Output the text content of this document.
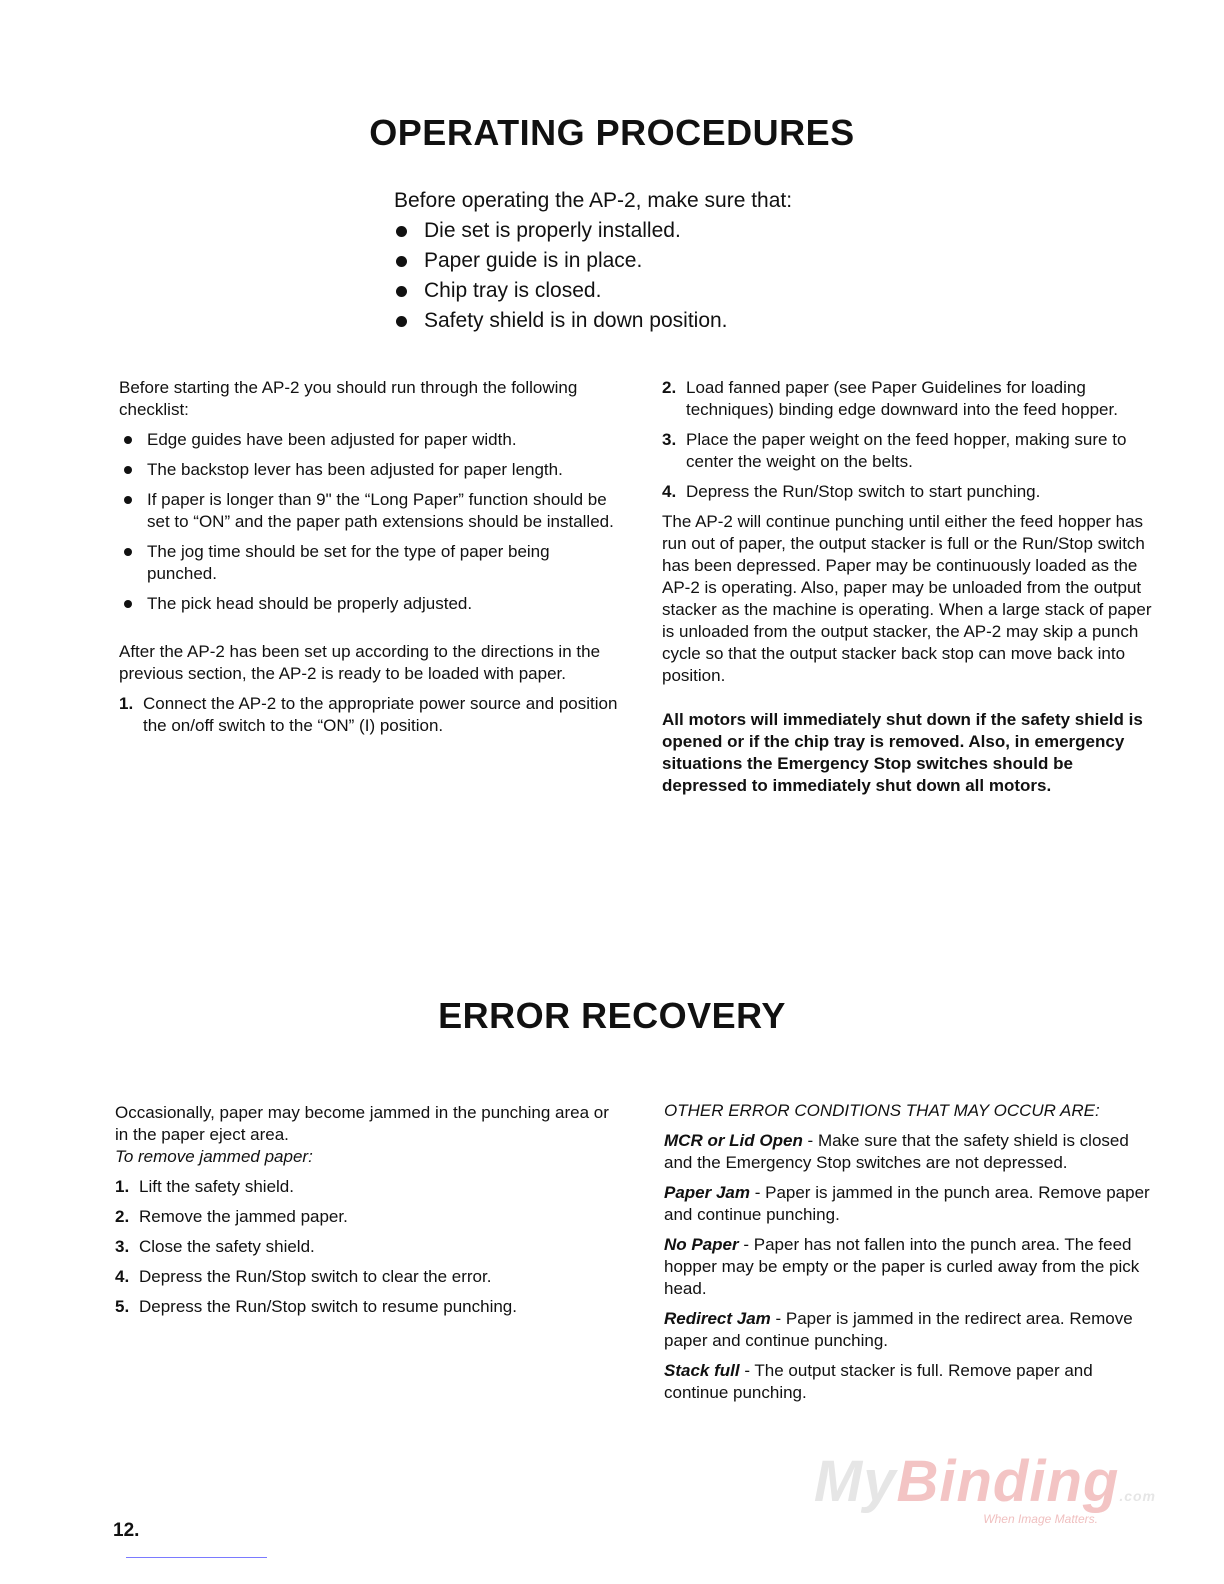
OPERATING PROCEDURES
Before operating the AP-2, make sure that:
Die set is properly installed.
Paper guide is in place.
Chip tray is closed.
Safety shield is in down position.

Before starting the AP-2 you should run through the following checklist:

Edge guides have been adjusted for paper width.
The backstop lever has been adjusted for paper length.
If paper is longer than 9" the “Long Paper” function should be set to “ON” and the paper path extensions should be installed.
The jog time should be set for the type of paper being punched.
The pick head should be properly adjusted.

After the AP-2 has been set up according to the directions in the previous section, the AP-2 is ready to be loaded with paper.

1. Connect the AP-2 to the appropriate power source and position the on/off switch to the “ON” (I) position.
2. Load fanned paper (see Paper Guidelines for loading techniques) binding edge downward into the feed hopper.
3. Place the paper weight on the feed hopper, making sure to center the weight on the belts.
4. Depress the Run/Stop switch to start punching.

The AP-2 will continue punching until either the feed hopper has run out of paper, the output stacker is full or the Run/Stop switch has been depressed. Paper may be continuously loaded as the AP-2 is operating. Also, paper may be unloaded from the output stacker as the machine is operating. When a large stack of paper is unloaded from the output stacker, the AP-2 may skip a punch cycle so that the output stacker back stop can move back into position.

All motors will immediately shut down if the safety shield is opened or if the chip tray is removed. Also, in emergency situations the Emergency Stop switches should be depressed to immediately shut down all motors.

ERROR RECOVERY

Occasionally, paper may become jammed in the punching area or in the paper eject area.

To remove jammed paper:

1. Lift the safety shield.
2. Remove the jammed paper.
3. Close the safety shield.
4. Depress the Run/Stop switch to clear the error.
5. Depress the Run/Stop switch to resume punching.

OTHER ERROR CONDITIONS THAT MAY OCCUR ARE:

MCR or Lid Open - Make sure that the safety shield is closed and the Emergency Stop switches are not depressed.

Paper Jam - Paper is jammed in the punch area. Remove paper and continue punching.

No Paper - Paper has not fallen into the punch area. The feed hopper may be empty or the paper is curled away from the pick head.

Redirect Jam - Paper is jammed in the redirect area. Remove paper and continue punching.

Stack full - The output stacker is full. Remove paper and continue punching.

MyBinding.com
When Image Matters.
12.
